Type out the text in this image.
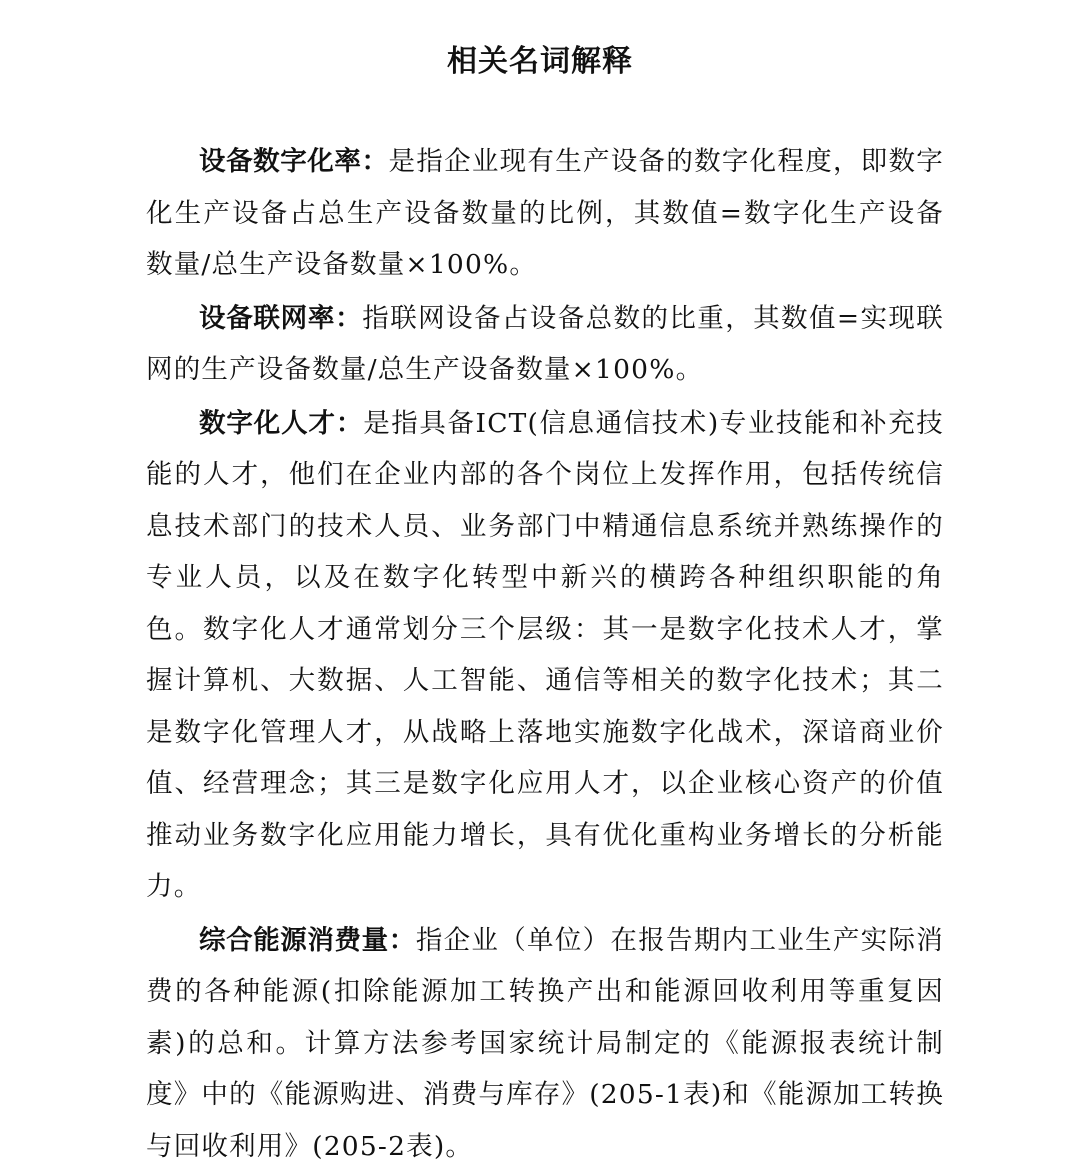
相关名词解释

设备数字化率：是指企业现有生产设备的数字化程度，即数字化生产设备占总生产设备数量的比例，其数值=数字化生产设备数量/总生产设备数量×100%。

设备联网率：指联网设备占设备总数的比重，其数值=实现联网的生产设备数量/总生产设备数量×100%。

数字化人才：是指具备ICT(信息通信技术)专业技能和补充技能的人才，他们在企业内部的各个岗位上发挥作用，包括传统信息技术部门的技术人员、业务部门中精通信息系统并熟练操作的专业人员，以及在数字化转型中新兴的横跨各种组织职能的角色。数字化人才通常划分三个层级：其一是数字化技术人才，掌握计算机、大数据、人工智能、通信等相关的数字化技术；其二是数字化管理人才，从战略上落地实施数字化战术，深谙商业价值、经营理念；其三是数字化应用人才，以企业核心资产的价值推动业务数字化应用能力增长，具有优化重构业务增长的分析能力。

综合能源消费量：指企业（单位）在报告期内工业生产实际消费的各种能源(扣除能源加工转换产出和能源回收利用等重复因素)的总和。计算方法参考国家统计局制定的《能源报表统计制度》中的《能源购进、消费与库存》(205-1表)和《能源加工转换与回收利用》(205-2表)。
